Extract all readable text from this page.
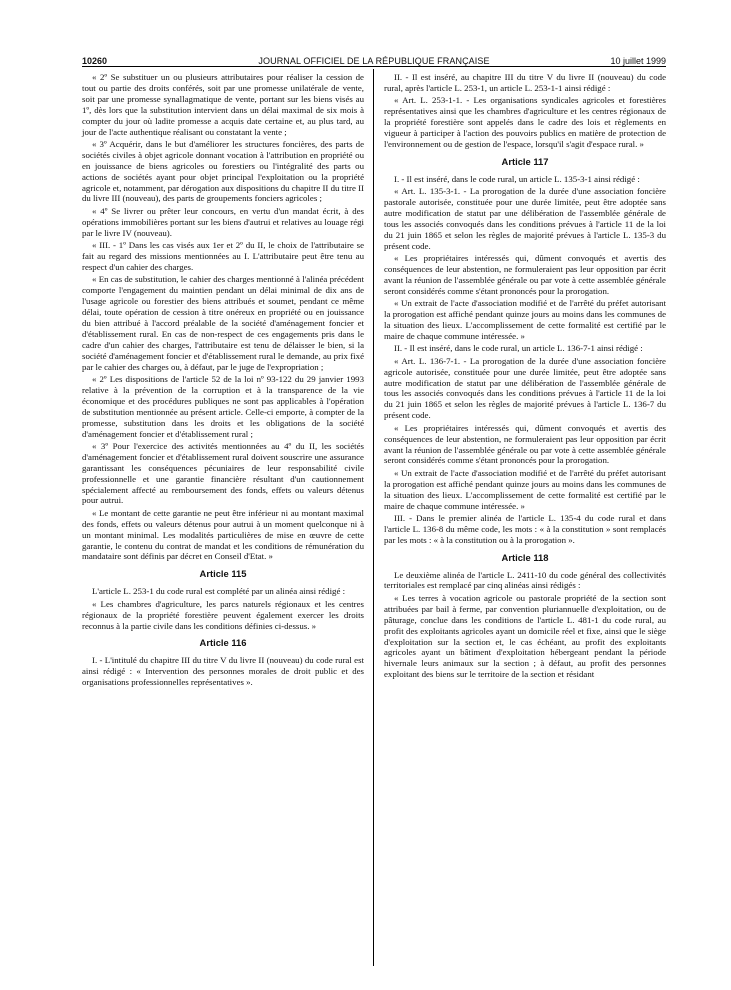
10260	JOURNAL OFFICIEL DE LA RÉPUBLIQUE FRANÇAISE	10 juillet 1999

« 2º Se substituer un ou plusieurs attributaires pour réaliser la cession de tout ou partie des droits conférés, soit par une promesse unilatérale de vente, soit par une promesse synallagmatique de vente, portant sur les biens visés au 1º, dès lors que la substitution intervient dans un délai maximal de six mois à compter du jour où ladite promesse a acquis date certaine et, au plus tard, au jour de l'acte authentique réalisant ou constatant la vente ;

« 3º Acquérir, dans le but d'améliorer les structures foncières, des parts de sociétés civiles à objet agricole donnant vocation à l'attribution en propriété ou en jouissance de biens agricoles ou forestiers ou l'intégralité des parts ou actions de sociétés ayant pour objet principal l'exploitation ou la propriété agricole et, notamment, par dérogation aux dispositions du chapitre II du titre II du livre III (nouveau), des parts de groupements fonciers agricoles ;

« 4º Se livrer ou prêter leur concours, en vertu d'un mandat écrit, à des opérations immobilières portant sur les biens d'autrui et relatives au louage régi par le livre IV (nouveau).

« III. - 1º Dans les cas visés aux 1er et 2º du II, le choix de l'attributaire se fait au regard des missions mentionnées au I. L'attributaire peut être tenu au respect d'un cahier des charges.

« En cas de substitution, le cahier des charges mentionné à l'alinéa précédent comporte l'engagement du maintien pendant un délai minimal de dix ans de l'usage agricole ou forestier des biens attribués et soumet, pendant ce même délai, toute opération de cession à titre onéreux en propriété ou en jouissance du bien attribué à l'accord préalable de la société d'aménagement foncier et d'établissement rural. En cas de non-respect de ces engagements pris dans le cadre d'un cahier des charges, l'attributaire est tenu de délaisser le bien, si la société d'aménagement foncier et d'établissement rural le demande, au prix fixé par le cahier des charges ou, à défaut, par le juge de l'expropriation ;

« 2º Les dispositions de l'article 52 de la loi nº 93-122 du 29 janvier 1993 relative à la prévention de la corruption et à la transparence de la vie économique et des procédures publiques ne sont pas applicables à l'opération de substitution mentionnée au présent article. Celle-ci emporte, à compter de la promesse, substitution dans les droits et les obligations de la société d'aménagement foncier et d'établissement rural ;

« 3º Pour l'exercice des activités mentionnées au 4º du II, les sociétés d'aménagement foncier et d'établissement rural doivent souscrire une assurance garantissant les conséquences pécuniaires de leur responsabilité civile professionnelle et une garantie financière résultant d'un cautionnement spécialement affecté au remboursement des fonds, effets ou valeurs détenus pour autrui.

« Le montant de cette garantie ne peut être inférieur ni au montant maximal des fonds, effets ou valeurs détenus pour autrui à un moment quelconque ni à un montant minimal. Les modalités particulières de mise en œuvre de cette garantie, le contenu du contrat de mandat et les conditions de rémunération du mandataire sont définis par décret en Conseil d'Etat. »

Article 115

L'article L. 253-1 du code rural est complété par un alinéa ainsi rédigé :

« Les chambres d'agriculture, les parcs naturels régionaux et les centres régionaux de la propriété forestière peuvent également exercer les droits reconnus à la partie civile dans les conditions définies ci-dessus. »

Article 116

I. - L'intitulé du chapitre III du titre V du livre II (nouveau) du code rural est ainsi rédigé : « Intervention des personnes morales de droit public et des organisations professionnelles représentatives ».

II. - Il est inséré, au chapitre III du titre V du livre II (nouveau) du code rural, après l'article L. 253-1, un article L. 253-1-1 ainsi rédigé :

« Art. L. 253-1-1. - Les organisations syndicales agricoles et forestières représentatives ainsi que les chambres d'agriculture et les centres régionaux de la propriété forestière sont appelés dans le cadre des lois et règlements en vigueur à participer à l'action des pouvoirs publics en matière de protection de l'environnement ou de gestion de l'espace, lorsqu'il s'agit d'espace rural. »

Article 117

I. - Il est inséré, dans le code rural, un article L. 135-3-1 ainsi rédigé :

« Art. L. 135-3-1. - La prorogation de la durée d'une association foncière pastorale autorisée, constituée pour une durée limitée, peut être adoptée sans autre modification de statut par une délibération de l'assemblée générale de tous les associés convoqués dans les conditions prévues à l'article 11 de la loi du 21 juin 1865 et selon les règles de majorité prévues à l'article L. 135-3 du présent code.

« Les propriétaires intéressés qui, dûment convoqués et avertis des conséquences de leur abstention, ne formuleraient pas leur opposition par écrit avant la réunion de l'assemblée générale ou par vote à cette assemblée générale seront considérés comme s'étant prononcés pour la prorogation.

« Un extrait de l'acte d'association modifié et de l'arrêté du préfet autorisant la prorogation est affiché pendant quinze jours au moins dans les communes de la situation des lieux. L'accomplissement de cette formalité est certifié par le maire de chaque commune intéressée. »

II. - Il est inséré, dans le code rural, un article L. 136-7-1 ainsi rédigé :

« Art. L. 136-7-1. - La prorogation de la durée d'une association foncière agricole autorisée, constituée pour une durée limitée, peut être adoptée sans autre modification de statut par une délibération de l'assemblée générale de tous les associés convoqués dans les conditions prévues à l'article 11 de la loi du 21 juin 1865 et selon les règles de majorité prévues à l'article L. 136-7 du présent code.

« Les propriétaires intéressés qui, dûment convoqués et avertis des conséquences de leur abstention, ne formuleraient pas leur opposition par écrit avant la réunion de l'assemblée générale ou par vote à cette assemblée générale seront considérés comme s'étant prononcés pour la prorogation.

« Un extrait de l'acte d'association modifié et de l'arrêté du préfet autorisant la prorogation est affiché pendant quinze jours au moins dans les communes de la situation des lieux. L'accomplissement de cette formalité est certifié par le maire de chaque commune intéressée. »

III. - Dans le premier alinéa de l'article L. 135-4 du code rural et dans l'article L. 136-8 du même code, les mots : « à la constitution » sont remplacés par les mots : « à la constitution ou à la prorogation ».

Article 118

Le deuxième alinéa de l'article L. 2411-10 du code général des collectivités territoriales est remplacé par cinq alinéas ainsi rédigés :

« Les terres à vocation agricole ou pastorale propriété de la section sont attribuées par bail à ferme, par convention pluriannuelle d'exploitation, ou de pâturage, conclue dans les conditions de l'article L. 481-1 du code rural, au profit des exploitants agricoles ayant un domicile réel et fixe, ainsi que le siège d'exploitation sur la section et, le cas échéant, au profit des exploitants agricoles ayant un bâtiment d'exploitation hébergeant pendant la période hivernale leurs animaux sur la section ; à défaut, au profit des personnes exploitant des biens sur le territoire de la section et résidant
